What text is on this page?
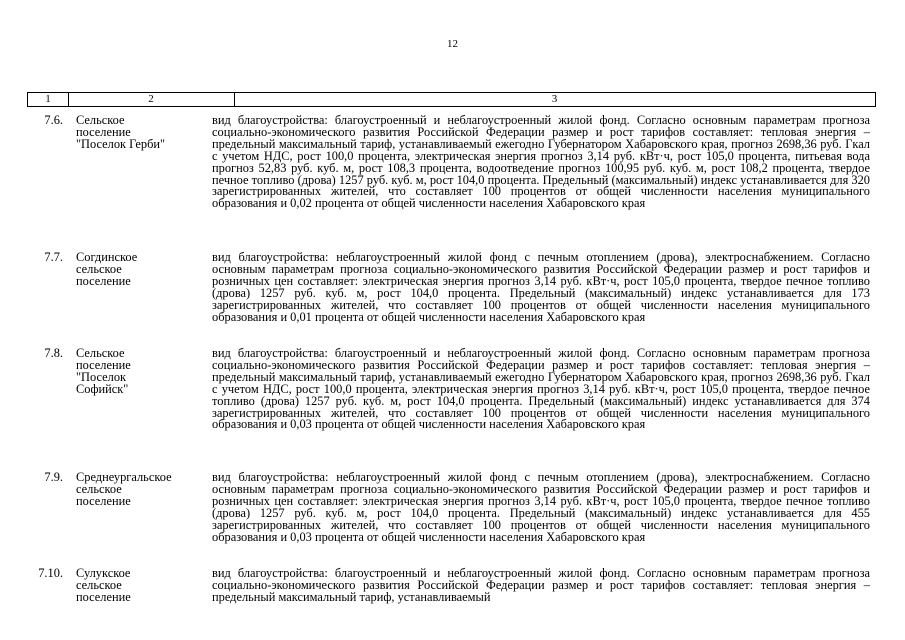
12
1	2	3
7.6. Сельское
поселение
"Поселок Герби"
вид благоустройства: благоустроенный и неблагоустроенный жилой фонд. Согласно основным параметрам прогноза социально-экономического развития Российской Федерации размер и рост тарифов составляет: тепловая энергия – предельный максимальный тариф, устанавливаемый ежегодно Губернатором Хабаровского края, прогноз 2698,36 руб. Гкал с учетом НДС, рост 100,0 процента, электрическая энергия прогноз 3,14 руб. кВт·ч, рост 105,0 процента, питьевая вода прогноз 52,83 руб. куб. м, рост 108,3 процента, водоотведение прогноз 100,95 руб. куб. м, рост 108,2 процента, твердое печное топливо (дрова) 1257 руб. куб. м, рост 104,0 процента. Предельный (максимальный) индекс устанавливается для 320 зарегистрированных жителей, что составляет 100 процентов от общей численности населения муниципального образования и 0,02 процента от общей численности населения Хабаровского края
7.7. Согдинское
сельское
поселение
вид благоустройства: неблагоустроенный жилой фонд с печным отоплением (дрова), электроснабжением. Согласно основным параметрам прогноза социально-экономического развития Российской Федерации размер и рост тарифов и розничных цен составляет: электрическая энергия прогноз 3,14 руб. кВт·ч, рост 105,0 процента, твердое печное топливо (дрова) 1257 руб. куб. м, рост 104,0 процента. Предельный (максимальный) индекс устанавливается для 173 зарегистрированных жителей, что составляет 100 процентов от общей численности населения муниципального образования и 0,01 процента от общей численности населения Хабаровского края
7.8. Сельское
поселение
"Поселок
Софийск"
вид благоустройства: благоустроенный и неблагоустроенный жилой фонд. Согласно основным параметрам прогноза социально-экономического развития Российской Федерации размер и рост тарифов составляет: тепловая энергия – предельный максимальный тариф, устанавливаемый ежегодно Губернатором Хабаровского края, прогноз 2698,36 руб. Гкал с учетом НДС, рост 100,0 процента, электрическая энергия прогноз 3,14 руб. кВт·ч, рост 105,0 процента, твердое печное топливо (дрова) 1257 руб. куб. м, рост 104,0 процента. Предельный (максимальный) индекс устанавливается для 374 зарегистрированных жителей, что составляет 100 процентов от общей численности населения муниципального образования и 0,03 процента от общей численности населения Хабаровского края
7.9. Среднеургальское
сельское
поселение
вид благоустройства: неблагоустроенный жилой фонд с печным отоплением (дрова), электроснабжением. Согласно основным параметрам прогноза социально-экономического развития Российской Федерации размер и рост тарифов и розничных цен составляет: электрическая энергия прогноз 3,14 руб. кВт·ч, рост 105,0 процента, твердое печное топливо (дрова) 1257 руб. куб. м, рост 104,0 процента. Предельный (максимальный) индекс устанавливается для 455 зарегистрированных жителей, что составляет 100 процентов от общей численности населения муниципального образования и 0,03 процента от общей численности населения Хабаровского края
7.10. Сулукское
сельское
поселение
вид благоустройства: благоустроенный и неблагоустроенный жилой фонд. Согласно основным параметрам прогноза социально-экономического развития Российской Федерации размер и рост тарифов составляет: тепловая энергия – предельный максимальный тариф, устанавливаемый
